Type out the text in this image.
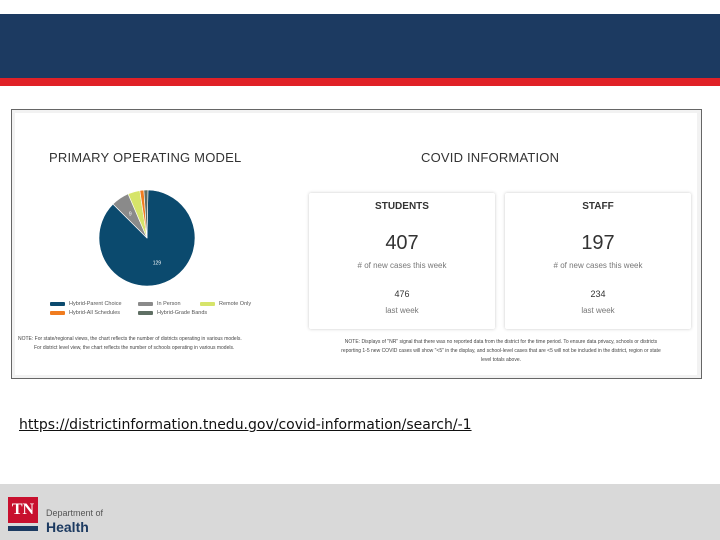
PRIMARY OPERATING MODEL
129
9
Hybrid-Parent Choice	In Person	Remote Only
Hybrid-All Schedules	Hybrid-Grade Bands
NOTE: For state/regional views, the chart reflects the number of districts operating in various models.
For district level view, the chart reflects the number of schools operating in various models.
COVID INFORMATION
STUDENTS
407
# of new cases this week
476
last week
STAFF
197
# of new cases this week
234
last week
NOTE: Displays of "NR" signal that there was no reported data from the district for the time period. To ensure data privacy, schools or districts
reporting 1-5 new COVID cases will show "<5" in the display, and school-level cases that are <5 will not be included in the district, region or state
level totals above.
https://districtinformation.tnedu.gov/covid-information/search/-1
TN	Department of
Health
